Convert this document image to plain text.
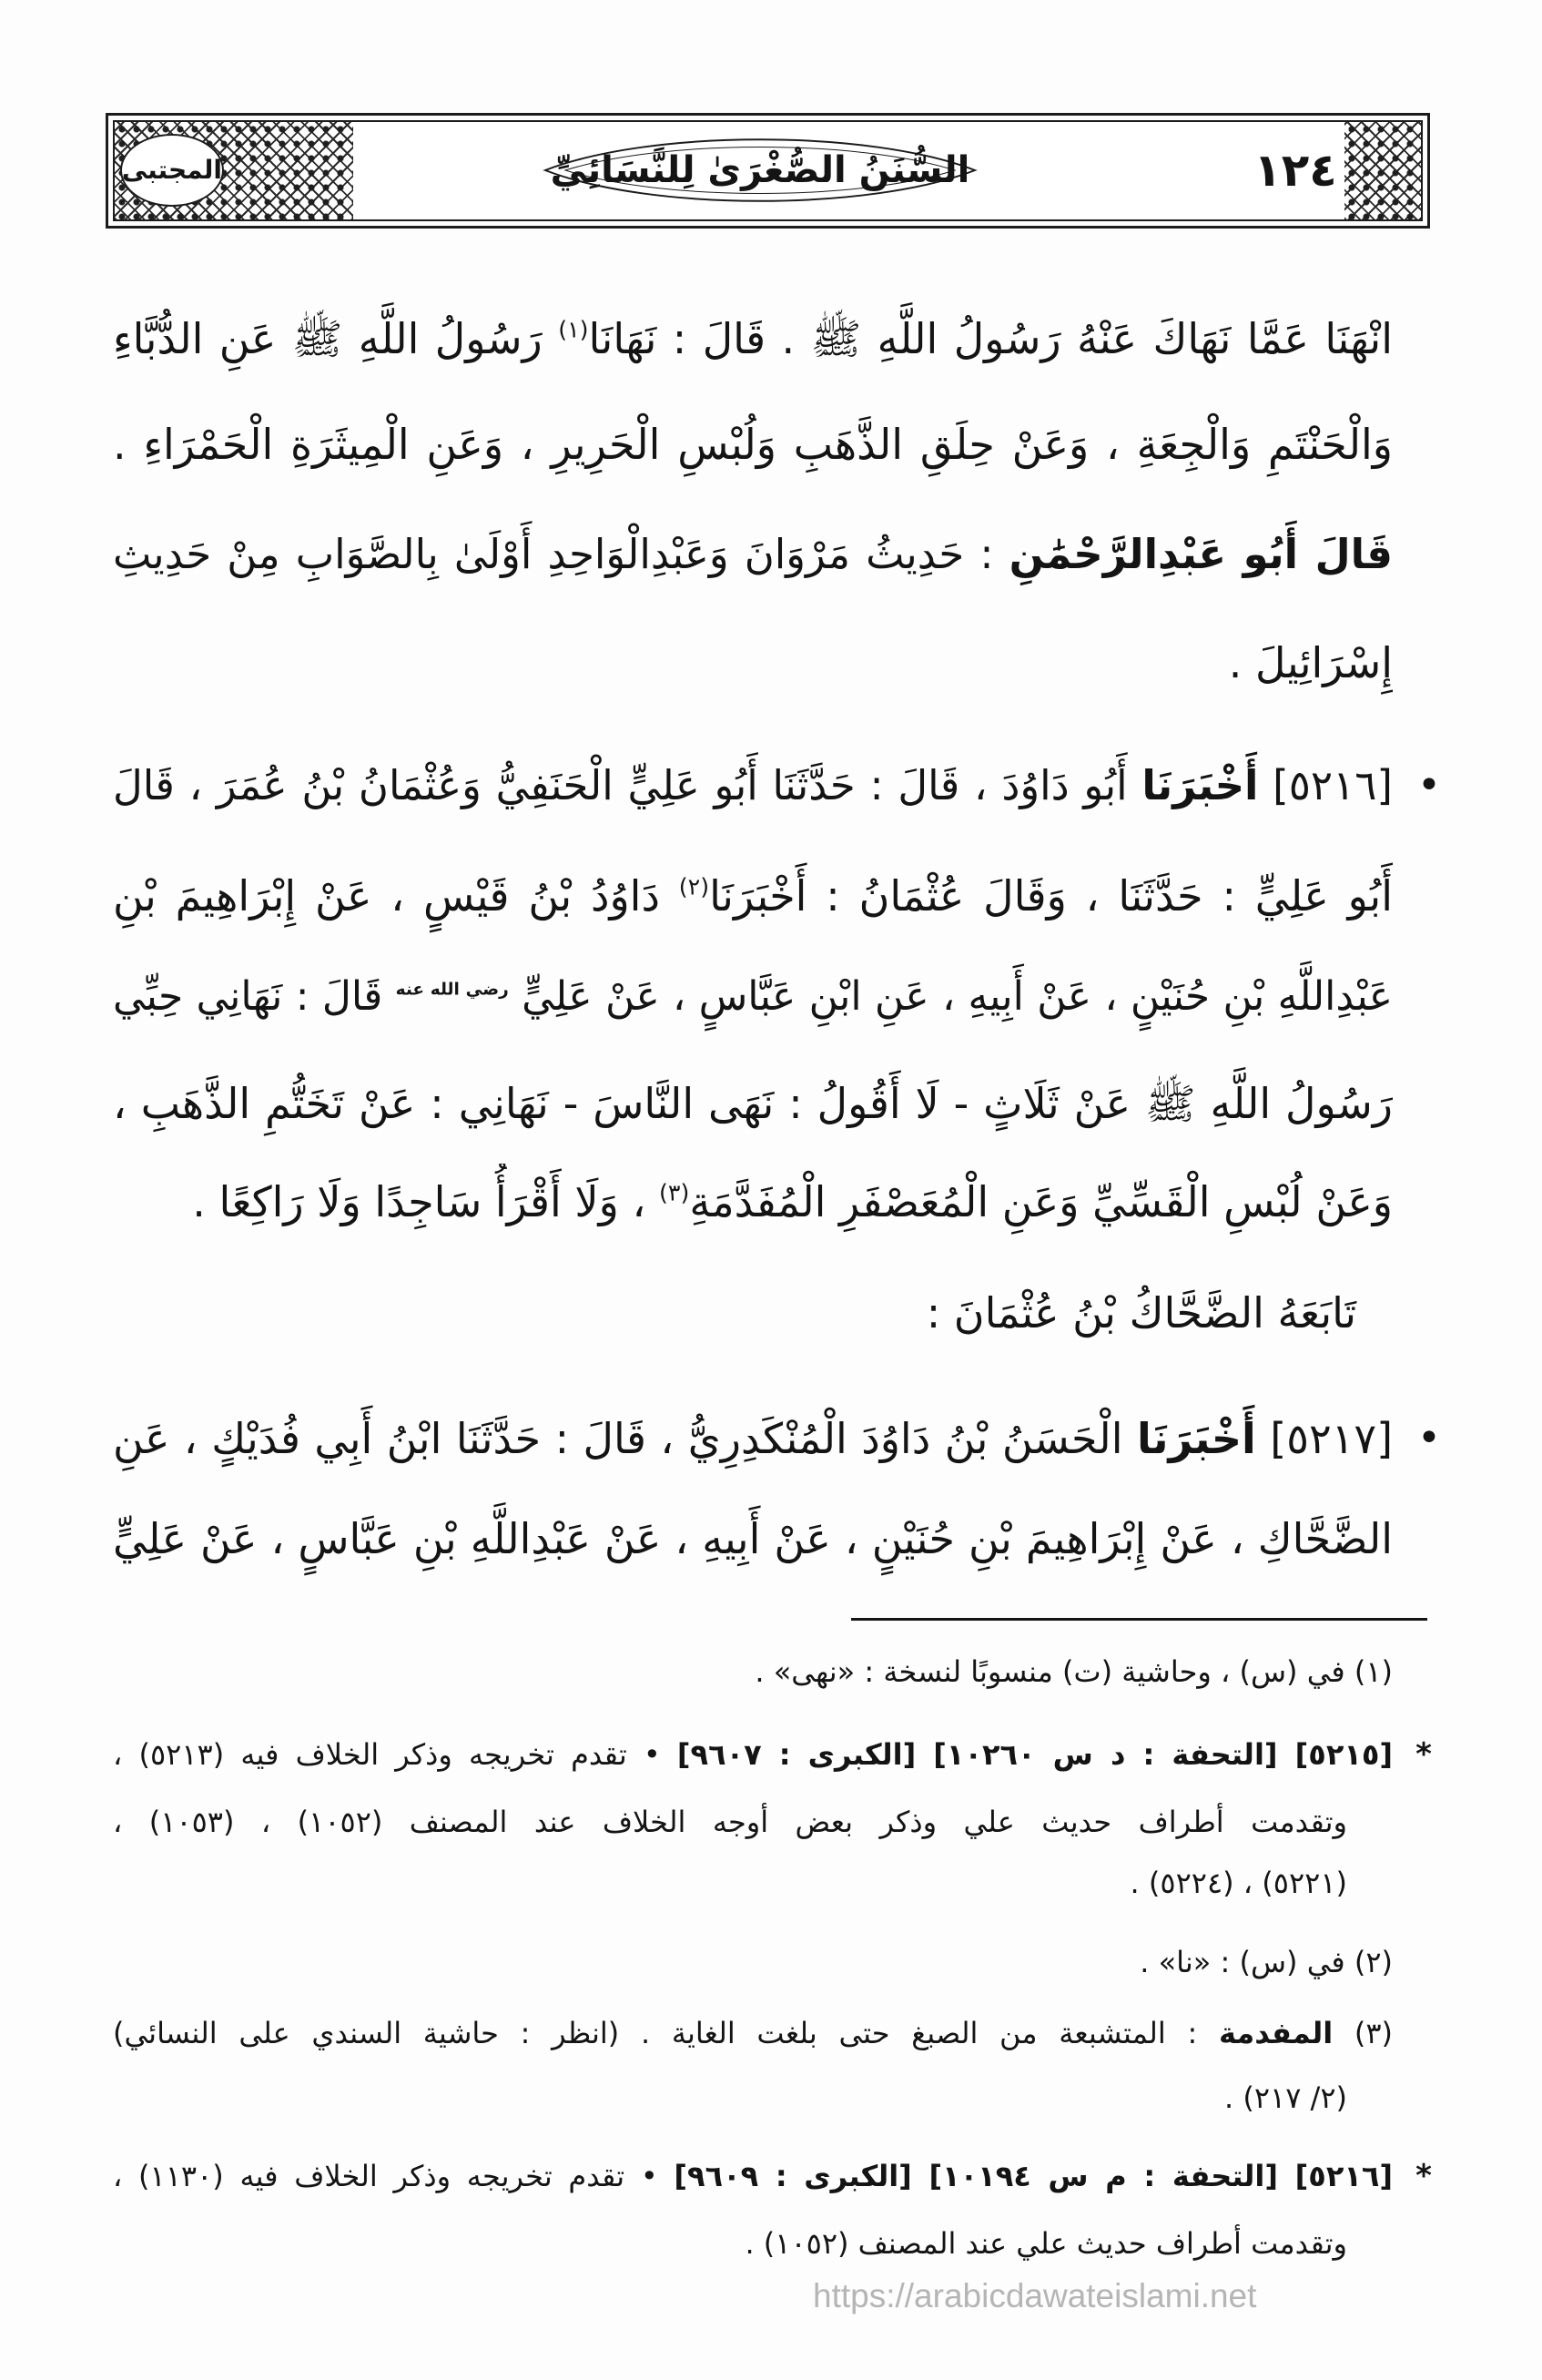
المجتبى	السُّنَنُ الصُّغْرَىٰ لِلنَّسَائِيِّ	١٢٤
انْهَنَا عَمَّا نَهَاكَ عَنْهُ رَسُولُ اللَّهِ ﷺ . قَالَ : نَهَانَا$^{(١)}$ رَسُولُ اللَّهِ ﷺ عَنِ الدُّبَّاءِ
وَالْحَنْتَمِ وَالْجِعَةِ ، وَعَنْ حِلَقِ الذَّهَبِ وَلُبْسِ الْحَرِيرِ ، وَعَنِ الْمِيثَرَةِ الْحَمْرَاءِ .
قَالَ أَبُو عَبْدِالرَّحْمَٰنِ : حَدِيثُ مَرْوَانَ وَعَبْدِالْوَاحِدِ أَوْلَىٰ بِالصَّوَابِ مِنْ حَدِيثِ
إِسْرَائِيلَ .
•
[٥٢١٦] أَخْبَرَنَا أَبُو دَاوُدَ ، قَالَ : حَدَّثَنَا أَبُو عَلِيٍّ الْحَنَفِيُّ وَعُثْمَانُ بْنُ عُمَرَ ، قَالَ
أَبُو عَلِيٍّ : حَدَّثَنَا ، وَقَالَ عُثْمَانُ : أَخْبَرَنَا$^{(٢)}$ دَاوُدُ بْنُ قَيْسٍ ، عَنْ إِبْرَاهِيمَ بْنِ
عَبْدِاللَّهِ بْنِ حُنَيْنٍ ، عَنْ أَبِيهِ ، عَنِ ابْنِ عَبَّاسٍ ، عَنْ عَلِيٍّ $^{رضي الله عنه}$ قَالَ : نَهَانِي حِبِّي
رَسُولُ اللَّهِ ﷺ عَنْ ثَلَاثٍ - لَا أَقُولُ : نَهَى النَّاسَ - نَهَانِي : عَنْ تَخَتُّمِ الذَّهَبِ ،
وَعَنْ لُبْسِ الْقَسِّيِّ وَعَنِ الْمُعَصْفَرِ الْمُفَدَّمَةِ$^{(٣)}$ ، وَلَا أَقْرَأُ سَاجِدًا وَلَا رَاكِعًا .
تَابَعَهُ الضَّحَّاكُ بْنُ عُثْمَانَ :
•
[٥٢١٧] أَخْبَرَنَا الْحَسَنُ بْنُ دَاوُدَ الْمُنْكَدِرِيُّ ، قَالَ : حَدَّثَنَا ابْنُ أَبِي فُدَيْكٍ ، عَنِ
الضَّحَّاكِ ، عَنْ إِبْرَاهِيمَ بْنِ حُنَيْنٍ ، عَنْ أَبِيهِ ، عَنْ عَبْدِاللَّهِ بْنِ عَبَّاسٍ ، عَنْ عَلِيٍّ
(١) في (س) ، وحاشية (ت) منسوبًا لنسخة : «نهى» .
*
[٥٢١٥] [التحفة : د س ١٠٢٦٠] [الكبرى : ٩٦٠٧] • تقدم تخريجه وذكر الخلاف فيه (٥٢١٣) ،
وتقدمت أطراف حديث علي وذكر بعض أوجه الخلاف عند المصنف (١٠٥٢) ، (١٠٥٣) ،
(٥٢٢١) ، (٥٢٢٤) .
(٢) في (س) : «نا» .
(٣) المفدمة : المتشبعة من الصبغ حتى بلغت الغاية . (انظر : حاشية السندي على النسائي)
(٢/ ٢١٧) .
*
[٥٢١٦] [التحفة : م س ١٠١٩٤] [الكبرى : ٩٦٠٩] • تقدم تخريجه وذكر الخلاف فيه (١١٣٠) ،
وتقدمت أطراف حديث علي عند المصنف (١٠٥٢) .
https://arabicdawateislami.net
